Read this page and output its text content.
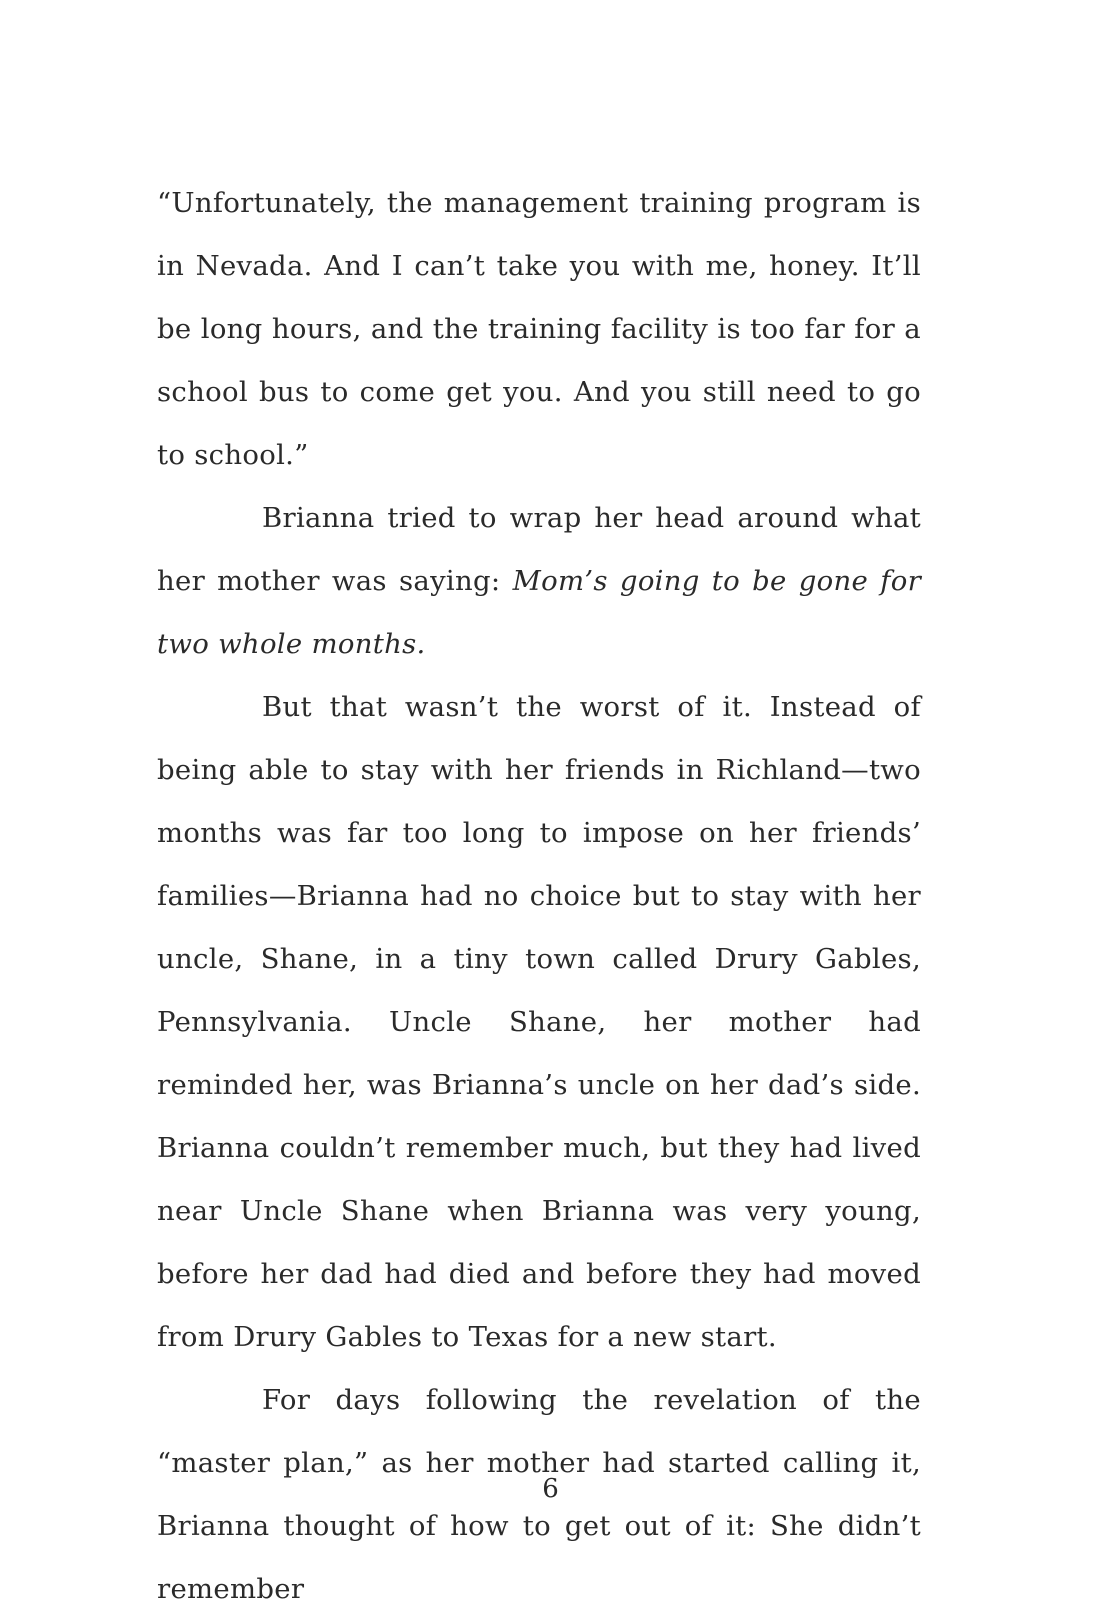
“Unfortunately, the management training program is in Nevada. And I can’t take you with me, honey. It’ll be long hours, and the training facility is too far for a school bus to come get you. And you still need to go to school.”

Brianna tried to wrap her head around what her mother was saying: Mom’s going to be gone for two whole months.

But that wasn’t the worst of it. Instead of being able to stay with her friends in Richland—two months was far too long to impose on her friends’ families—Brianna had no choice but to stay with her uncle, Shane, in a tiny town called Drury Gables, Pennsylvania. Uncle Shane, her mother had reminded her, was Brianna’s uncle on her dad’s side. Brianna couldn’t remember much, but they had lived near Uncle Shane when Brianna was very young, before her dad had died and before they had moved from Drury Gables to Texas for a new start.

For days following the revelation of the “master plan,” as her mother had started calling it, Brianna thought of how to get out of it: She didn’t remember

6
